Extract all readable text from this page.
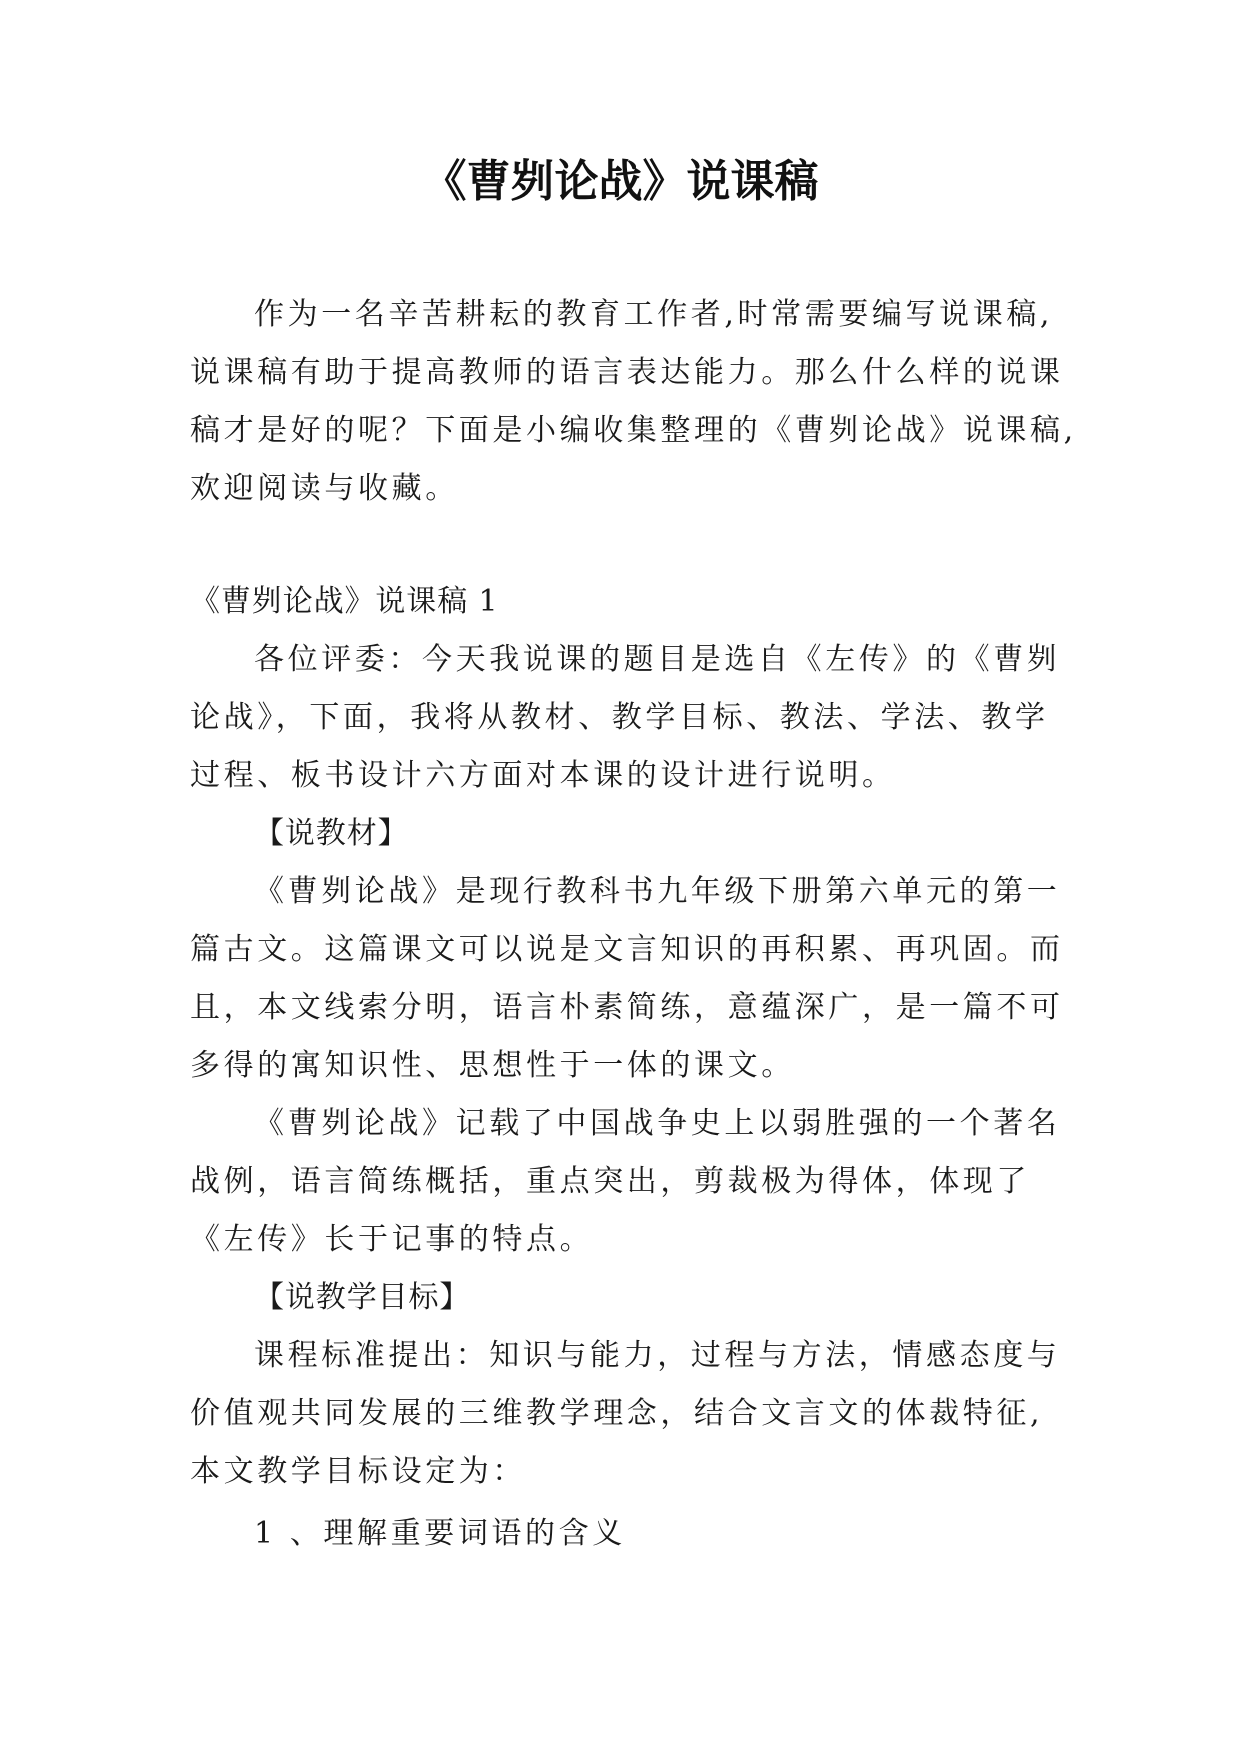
《曹刿论战》说课稿
作为一名辛苦耕耘的教育工作者,时常需要编写说课稿,
说课稿有助于提高教师的语言表达能力。那么什么样的说课
稿才是好的呢？下面是小编收集整理的《曹刿论战》说课稿,
欢迎阅读与收藏。
《曹刿论战》说课稿 1
各位评委：今天我说课的题目是选自《左传》的《曹刿
论战》，下面，我将从教材、教学目标、教法、学法、教学
过程、板书设计六方面对本课的设计进行说明。
【说教材】
《曹刿论战》是现行教科书九年级下册第六单元的第一
篇古文。这篇课文可以说是文言知识的再积累、再巩固。而
且，本文线索分明，语言朴素简练，意蕴深广，是一篇不可
多得的寓知识性、思想性于一体的课文。
《曹刿论战》记载了中国战争史上以弱胜强的一个著名
战例，语言简练概括，重点突出，剪裁极为得体，体现了
《左传》长于记事的特点。
【说教学目标】
课程标准提出：知识与能力，过程与方法，情感态度与
价值观共同发展的三维教学理念，结合文言文的体裁特征,
本文教学目标设定为：
1 、理解重要词语的含义
